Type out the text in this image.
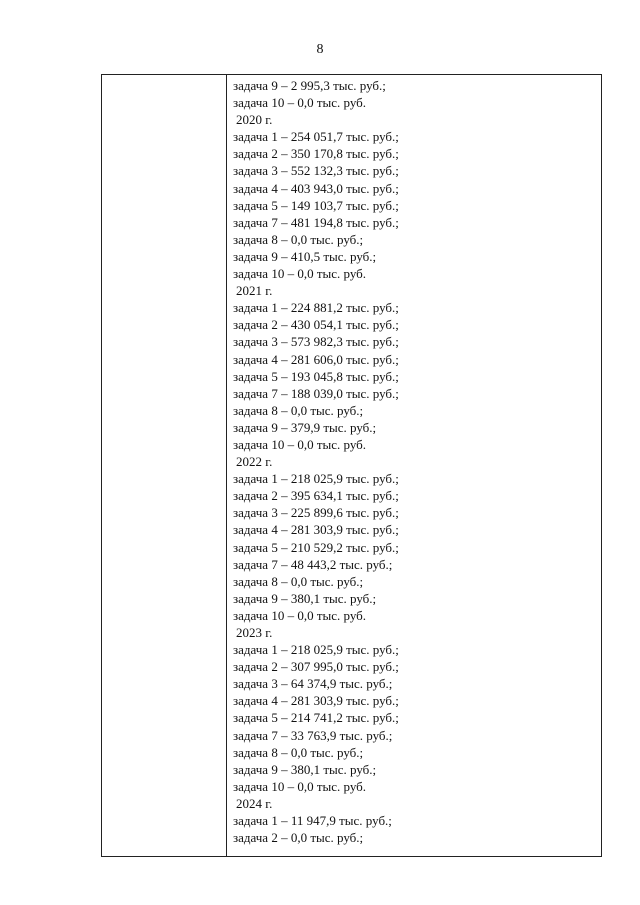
8
задача 9 – 2 995,3 тыс. руб.;
задача 10 – 0,0 тыс. руб.
2020 г.
задача 1 – 254 051,7 тыс. руб.;
задача 2 – 350 170,8 тыс. руб.;
задача 3 – 552 132,3 тыс. руб.;
задача 4 – 403 943,0 тыс. руб.;
задача 5 – 149 103,7 тыс. руб.;
задача 7 – 481 194,8 тыс. руб.;
задача 8 – 0,0 тыс. руб.;
задача 9 – 410,5 тыс. руб.;
задача 10 – 0,0 тыс. руб.
2021 г.
задача 1 – 224 881,2 тыс. руб.;
задача 2 – 430 054,1 тыс. руб.;
задача 3 – 573 982,3 тыс. руб.;
задача 4 – 281 606,0 тыс. руб.;
задача 5 – 193 045,8 тыс. руб.;
задача 7 – 188 039,0 тыс. руб.;
задача 8 – 0,0 тыс. руб.;
задача 9 – 379,9 тыс. руб.;
задача 10 – 0,0 тыс. руб.
2022 г.
задача 1 – 218 025,9 тыс. руб.;
задача 2 – 395 634,1 тыс. руб.;
задача 3 – 225 899,6 тыс. руб.;
задача 4 – 281 303,9 тыс. руб.;
задача 5 – 210 529,2 тыс. руб.;
задача 7 – 48 443,2 тыс. руб.;
задача 8 – 0,0 тыс. руб.;
задача 9 – 380,1 тыс. руб.;
задача 10 – 0,0 тыс. руб.
2023 г.
задача 1 – 218 025,9 тыс. руб.;
задача 2 – 307 995,0 тыс. руб.;
задача 3 – 64 374,9 тыс. руб.;
задача 4 – 281 303,9 тыс. руб.;
задача 5 – 214 741,2 тыс. руб.;
задача 7 – 33 763,9 тыс. руб.;
задача 8 – 0,0 тыс. руб.;
задача 9 – 380,1 тыс. руб.;
задача 10 – 0,0 тыс. руб.
2024 г.
задача 1 – 11 947,9 тыс. руб.;
задача 2 – 0,0 тыс. руб.;
